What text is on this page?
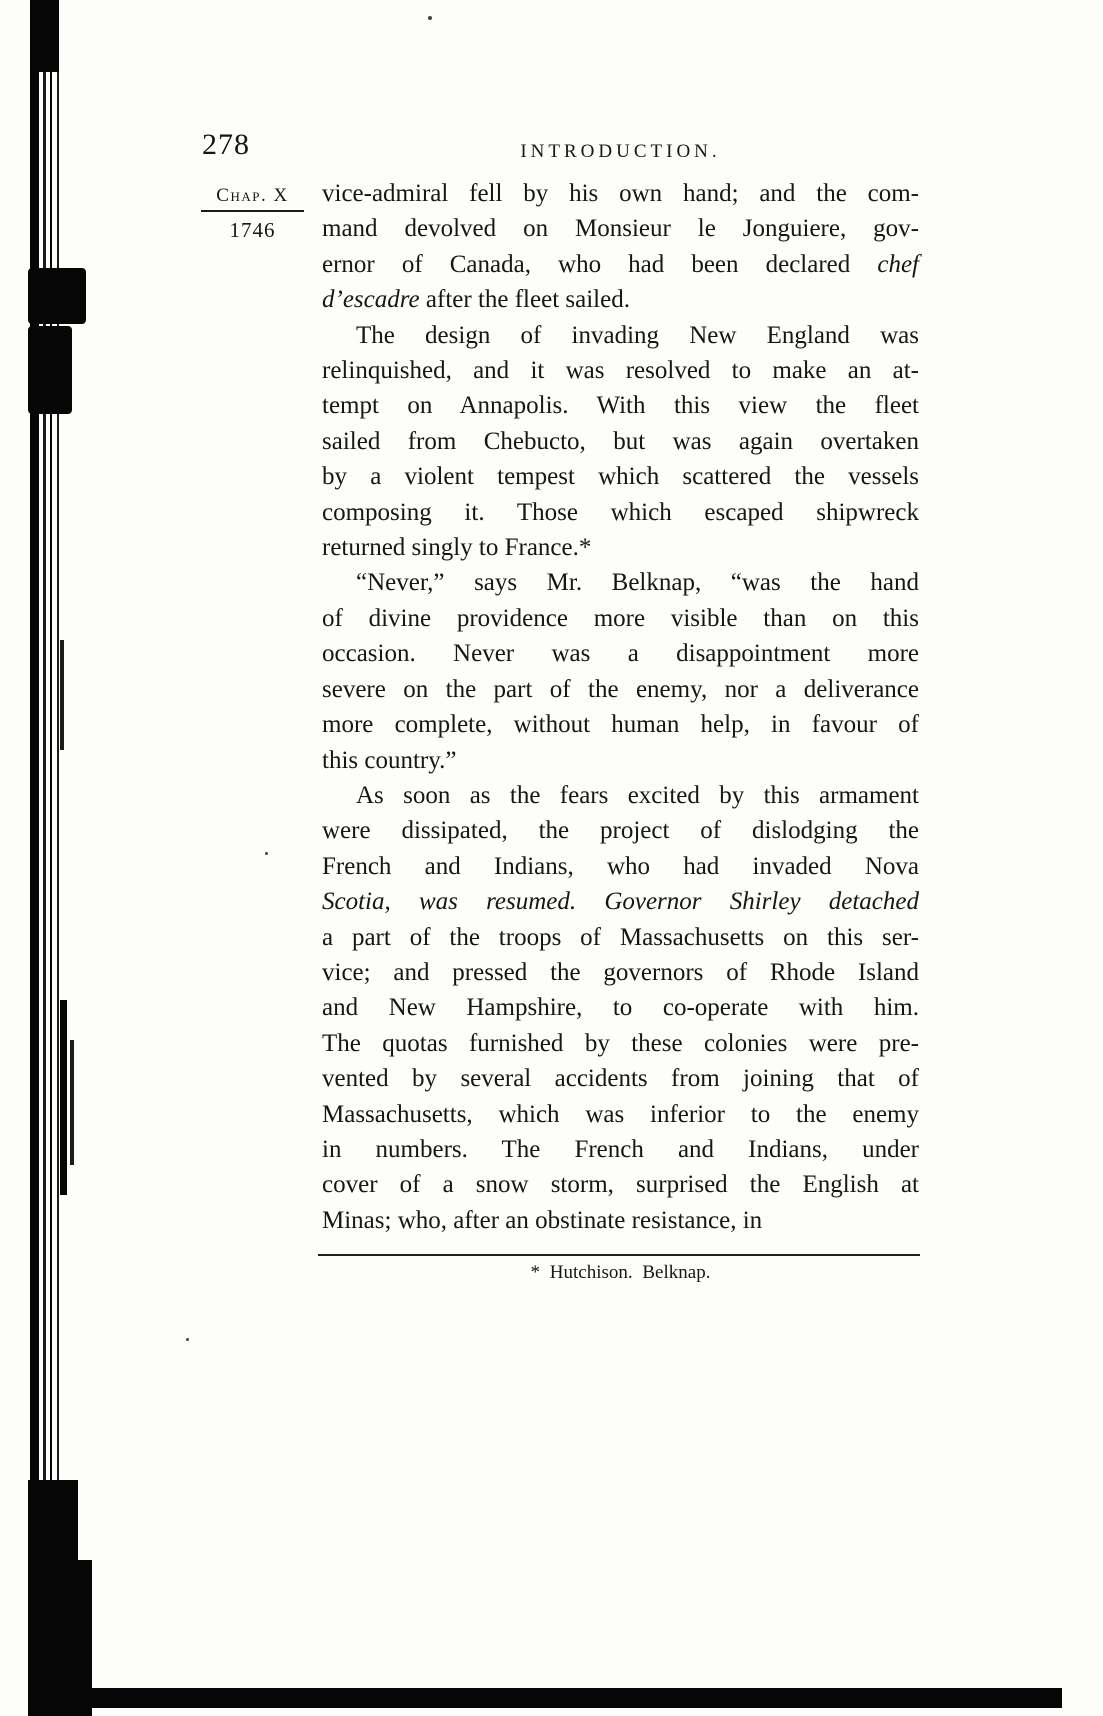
278	INTRODUCTION.
Chap. X
1746
vice-admiral fell by his own hand; and the com-
mand devolved on Monsieur le Jonguiere, gov-
ernor of Canada, who had been declared chef
d’escadre after the fleet sailed.
The design of invading New England was
relinquished, and it was resolved to make an at-
tempt on Annapolis. With this view the fleet
sailed from Chebucto, but was again overtaken
by a violent tempest which scattered the vessels
composing it. Those which escaped shipwreck
returned singly to France.*
“Never,” says Mr. Belknap, “was the hand
of divine providence more visible than on this
occasion. Never was a disappointment more
severe on the part of the enemy, nor a deliverance
more complete, without human help, in favour of
this country.”
As soon as the fears excited by this armament
were dissipated, the project of dislodging the
French and Indians, who had invaded Nova
Scotia, was resumed. Governor Shirley detached
a part of the troops of Massachusetts on this ser-
vice; and pressed the governors of Rhode Island
and New Hampshire, to co-operate with him.
The quotas furnished by these colonies were pre-
vented by several accidents from joining that of
Massachusetts, which was inferior to the enemy
in numbers. The French and Indians, under
cover of a snow storm, surprised the English at
Minas; who, after an obstinate resistance, in
* Hutchison. Belknap.
